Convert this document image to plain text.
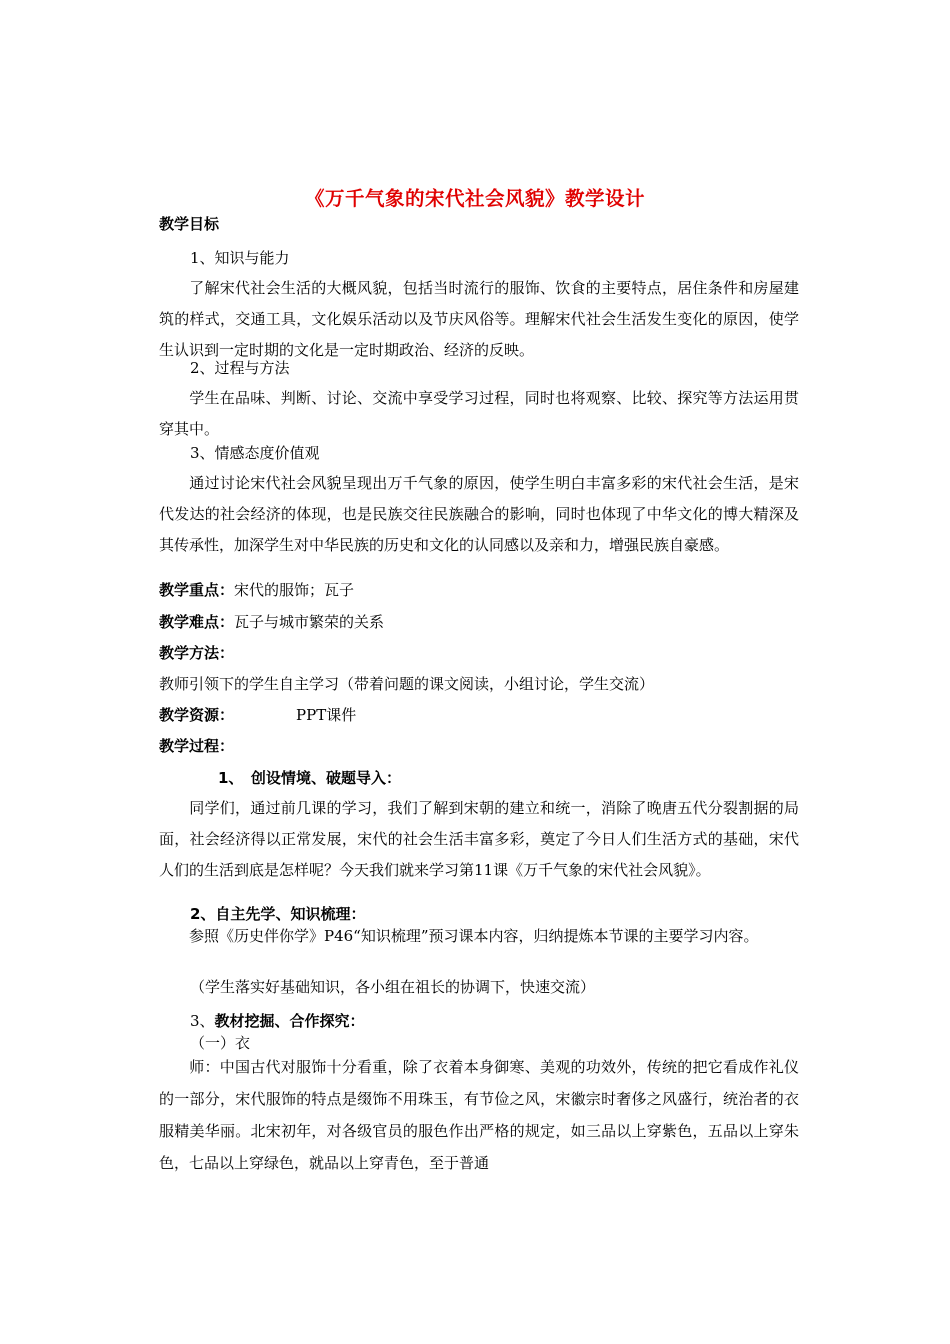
《万千气象的宋代社会风貌》教学设计
教学目标
1、知识与能力
了解宋代社会生活的大概风貌，包括当时流行的服饰、饮食的主要特点，居住条件和房屋建筑的样式，交通工具，文化娱乐活动以及节庆风俗等。理解宋代社会生活发生变化的原因，使学生认识到一定时期的文化是一定时期政治、经济的反映。
2、过程与方法
学生在品味、判断、讨论、交流中享受学习过程，同时也将观察、比较、探究等方法运用贯穿其中。
3、情感态度价值观
通过讨论宋代社会风貌呈现出万千气象的原因，使学生明白丰富多彩的宋代社会生活，是宋代发达的社会经济的体现，也是民族交往民族融合的影响，同时也体现了中华文化的博大精深及其传承性，加深学生对中华民族的历史和文化的认同感以及亲和力，增强民族自豪感。
教学重点：宋代的服饰；瓦子
教学难点：瓦子与城市繁荣的关系
教学方法：
教师引领下的学生自主学习（带着问题的课文阅读，小组讨论，学生交流）
教学资源：	PPT课件
教学过程：
1、　创设情境、破题导入：
同学们，通过前几课的学习，我们了解到宋朝的建立和统一，消除了晚唐五代分裂割据的局面，社会经济得以正常发展，宋代的社会生活丰富多彩，奠定了今日人们生活方式的基础，宋代人们的生活到底是怎样呢？今天我们就来学习第11课《万千气象的宋代社会风貌》。
2、自主先学、知识梳理：
参照《历史伴你学》P46“知识梳理”预习课本内容，归纳提炼本节课的主要学习内容。
（学生落实好基础知识，各小组在祖长的协调下，快速交流）
3、教材挖掘、合作探究：
（一）衣
师：中国古代对服饰十分看重，除了衣着本身御寒、美观的功效外，传统的把它看成作礼仪的一部分，宋代服饰的特点是缀饰不用珠玉，有节俭之风，宋徽宗时奢侈之风盛行，统治者的衣服精美华丽。北宋初年，对各级官员的服色作出严格的规定，如三品以上穿紫色，五品以上穿朱色，七品以上穿绿色，就品以上穿青色，至于普通
